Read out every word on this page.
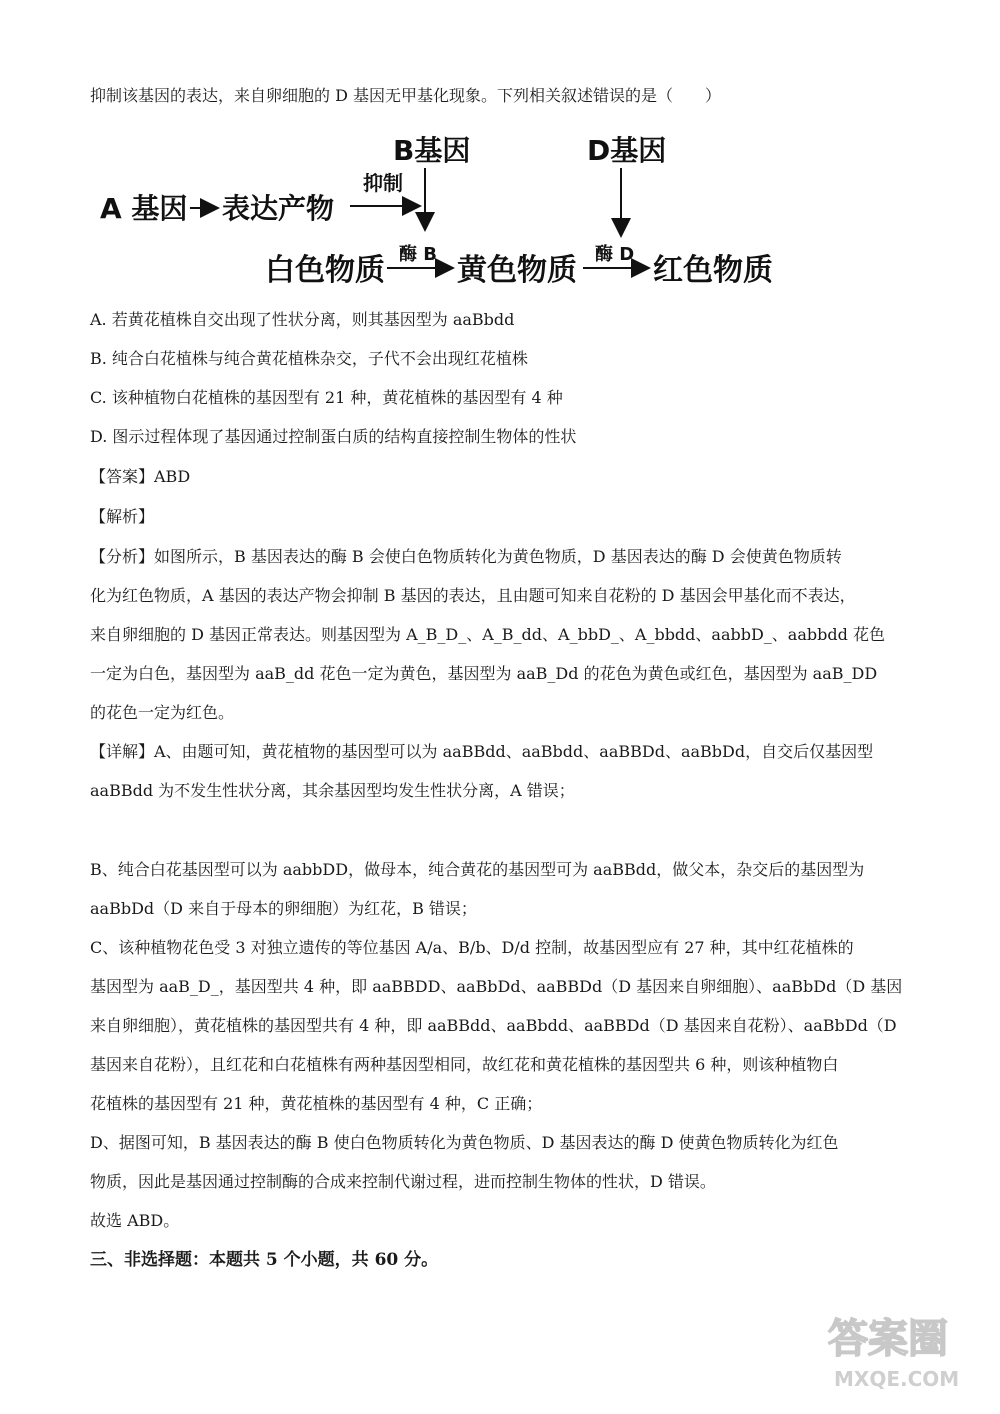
抑制该基因的表达，来自卵细胞的 D 基因无甲基化现象。下列相关叙述错误的是（　　）
B基因	D基因
A 基因 表达产物
抑制
白色物质 酶 B 黄色物质 酶 D 红色物质
A. 若黄花植株自交出现了性状分离，则其基因型为 aaBbdd
B. 纯合白花植株与纯合黄花植株杂交，子代不会出现红花植株
C. 该种植物白花植株的基因型有 21 种，黄花植株的基因型有 4 种
D. 图示过程体现了基因通过控制蛋白质的结构直接控制生物体的性状
【答案】ABD
【解析】
【分析】如图所示，B 基因表达的酶 B 会使白色物质转化为黄色物质，D 基因表达的酶 D 会使黄色物质转
化为红色物质，A 基因的表达产物会抑制 B 基因的表达，且由题可知来自花粉的 D 基因会甲基化而不表达，
来自卵细胞的 D 基因正常表达。则基因型为 A_B_D_、A_B_dd、A_bbD_、A_bbdd、aabbD_、aabbdd 花色
一定为白色，基因型为 aaB_dd 花色一定为黄色，基因型为 aaB_Dd 的花色为黄色或红色，基因型为 aaB_DD
的花色一定为红色。
【详解】A、由题可知，黄花植物的基因型可以为 aaBBdd、aaBbdd、aaBBDd、aaBbDd，自交后仅基因型
aaBBdd 为不发生性状分离，其余基因型均发生性状分离，A 错误；
B、纯合白花基因型可以为 aabbDD，做母本，纯合黄花的基因型可为 aaBBdd，做父本，杂交后的基因型为
aaBbDd（D 来自于母本的卵细胞）为红花，B 错误；
C、该种植物花色受 3 对独立遗传的等位基因 A/a、B/b、D/d 控制，故基因型应有 27 种，其中红花植株的
基因型为 aaB_D_，基因型共 4 种，即 aaBBDD、aaBbDd、aaBBDd（D 基因来自卵细胞）、aaBbDd（D 基因
来自卵细胞），黄花植株的基因型共有 4 种，即 aaBBdd、aaBbdd、aaBBDd（D 基因来自花粉）、aaBbDd（D
基因来自花粉），且红花和白花植株有两种基因型相同，故红花和黄花植株的基因型共 6 种，则该种植物白
花植株的基因型有 21 种，黄花植株的基因型有 4 种，C 正确；
D、据图可知，B 基因表达的酶 B 使白色物质转化为黄色物质、D 基因表达的酶 D 使黄色物质转化为红色
物质，因此是基因通过控制酶的合成来控制代谢过程，进而控制生物体的性状，D 错误。
故选 ABD。
三、非选择题：本题共 5 个小题，共 60 分。
答案圈
MXQE.COM
